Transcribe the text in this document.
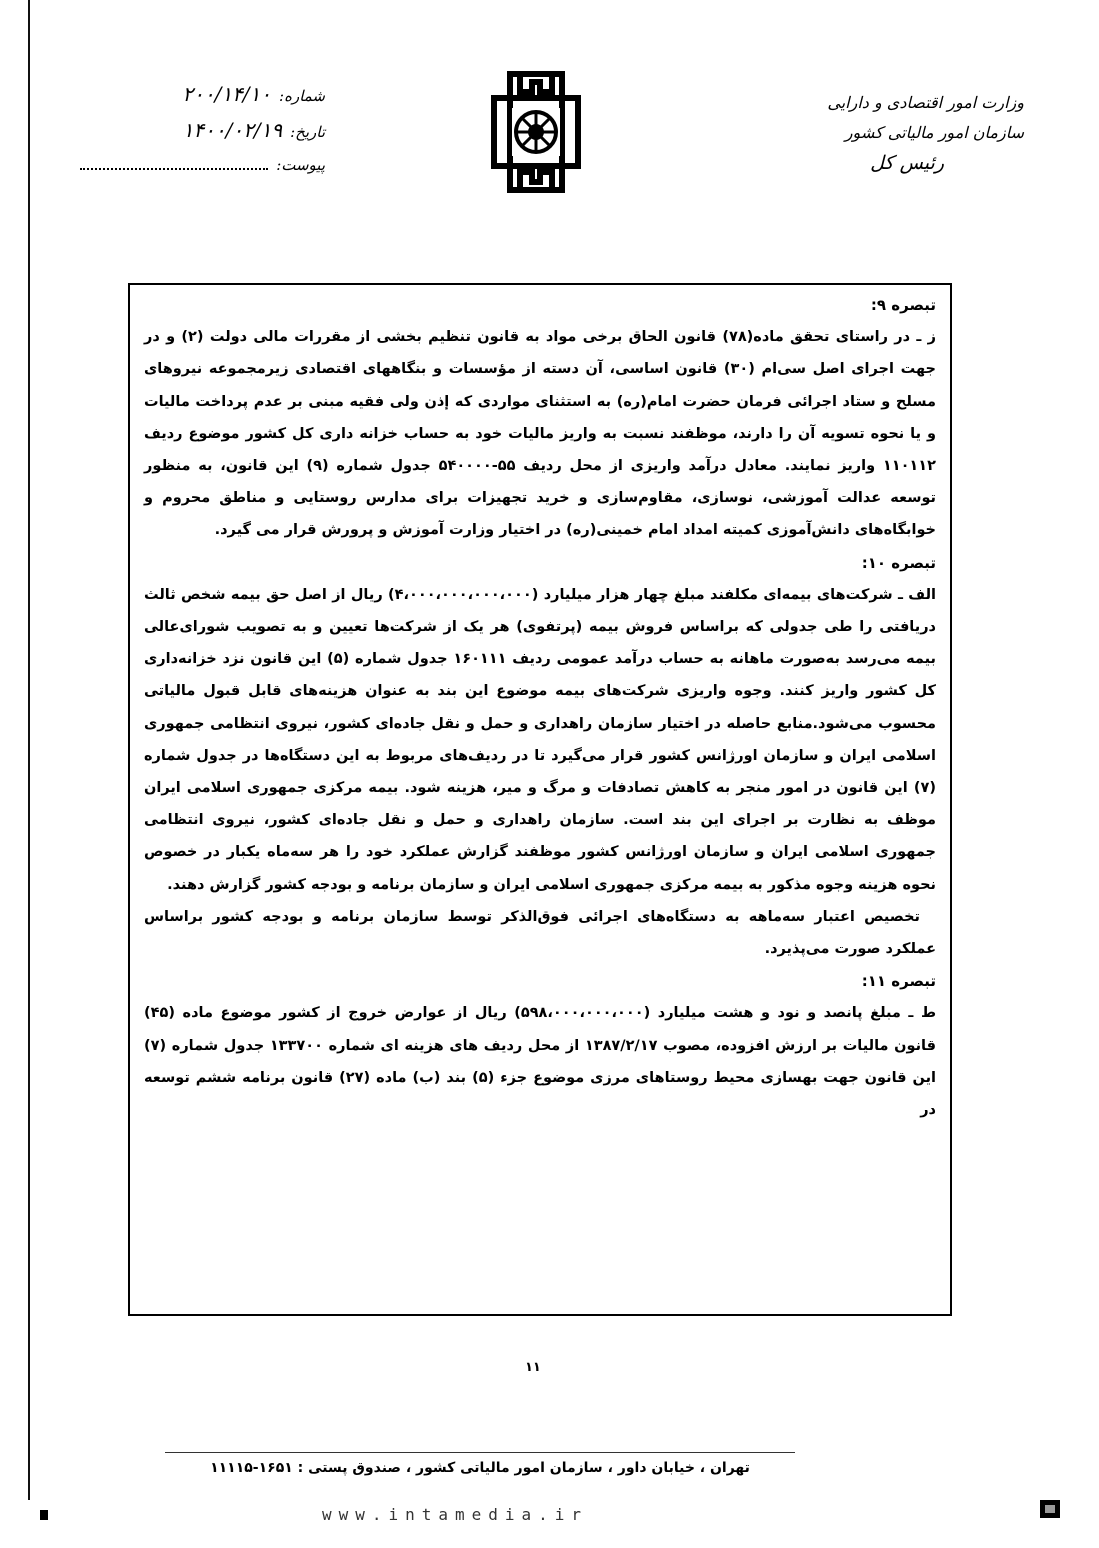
وزارت امور اقتصادی و دارایی
سازمان امور مالیاتی کشور
رئیس کل
شماره:
۲۰۰/۱۴/۱۰
تاریخ:
۱۴۰۰/۰۲/۱۹
پیوست:

تبصره ۹:

ز ـ در راستای تحقق ماده(۷۸) قانون الحاق برخی مواد به قانون تنظیم بخشی از مقررات مالی دولت (۲) و در جهت اجرای اصل سی‌ام (۳۰) قانون اساسی، آن دسته از مؤسسات و بنگاههای اقتصادی زیرمجموعه نیروهای مسلح و ستاد اجرائی فرمان حضرت امام(ره) به استثنای مواردی که إذن ولی فقیه مبنی بر عدم پرداخت مالیات و یا نحوه تسویه آن را دارند، موظفند نسبت به واریز مالیات خود به حساب خزانه داری کل کشور موضوع ردیف ۱۱۰۱۱۲ واریز نمایند. معادل درآمد واریزی از محل ردیف ۵۵-۵۴۰۰۰۰ جدول شماره (۹) این قانون، به منظور توسعه عدالت آموزشی، نوسازی، مقاوم‌سازی و خرید تجهیزات برای مدارس روستایی و مناطق محروم و خوابگاه‌های دانش‌آموزی کمیته امداد امام خمینی(ره) در اختیار وزارت آموزش و پرورش قرار می گیرد.

تبصره ۱۰:

الف ـ شرکت‌های بیمه‌ای مکلفند مبلغ چهار هزار میلیارد (۴،۰۰۰،۰۰۰،۰۰۰،۰۰۰) ریال از اصل حق بیمه شخص ثالث دریافتی را طی جدولی که براساس فروش بیمه (پرتفوی) هر یک از شرکت‌ها تعیین و به تصویب شورای‌عالی بیمه می‌رسد به‌صورت ماهانه به حساب درآمد عمومی ردیف ۱۶۰۱۱۱ جدول شماره (۵) این قانون نزد خزانه‌داری کل کشور واریز کنند. وجوه واریزی شرکت‌های بیمه موضوع این بند به عنوان هزینه‌های قابل قبول مالیاتی محسوب می‌شود.منابع حاصله در اختیار سازمان راهداری و حمل و نقل جاده‌ای کشور، نیروی انتظامی جمهوری اسلامی ایران و سازمان اورژانس کشور قرار می‌گیرد تا در ردیف‌های مربوط به این دستگاه‌ها در جدول شماره (۷) این قانون در امور منجر به کاهش تصادفات و مرگ و میر، هزینه شود. بیمه مرکزی جمهوری اسلامی ایران موظف به نظارت بر اجرای این بند است. سازمان راهداری و حمل و نقل جاده‌ای کشور، نیروی انتظامی جمهوری اسلامی ایران و سازمان اورژانس کشور موظفند گزارش عملکرد خود را هر سه‌ماه یکبار در خصوص نحوه هزینه وجوه مذکور به بیمه مرکزی جمهوری اسلامی ایران و سازمان برنامه و بودجه کشور گزارش دهند.

تخصیص اعتبار سه‌ماهه به دستگاه‌های اجرائی فوق‌الذکر توسط سازمان برنامه و بودجه کشور براساس عملکرد صورت می‌پذیرد.

تبصره ۱۱:

ط ـ مبلغ پانصد و نود و هشت میلیارد (۵۹۸،۰۰۰،۰۰۰،۰۰۰) ریال از عوارض خروج از کشور موضوع ماده (۴۵) قانون مالیات بر ارزش افزوده، مصوب ۱۳۸۷/۲/۱۷ از محل ردیف های هزینه ای شماره ۱۳۳۷۰۰ جدول شماره (۷) این قانون جهت بهسازی محیط روستاهای مرزی موضوع جزء (۵) بند (ب) ماده (۲۷) قانون برنامه ششم توسعه در

۱۱
تهران ، خیابان داور ، سازمان امور مالیاتی کشور ، صندوق پستی : ۱۶۵۱-۱۱۱۱۵
www.intamedia.ir
